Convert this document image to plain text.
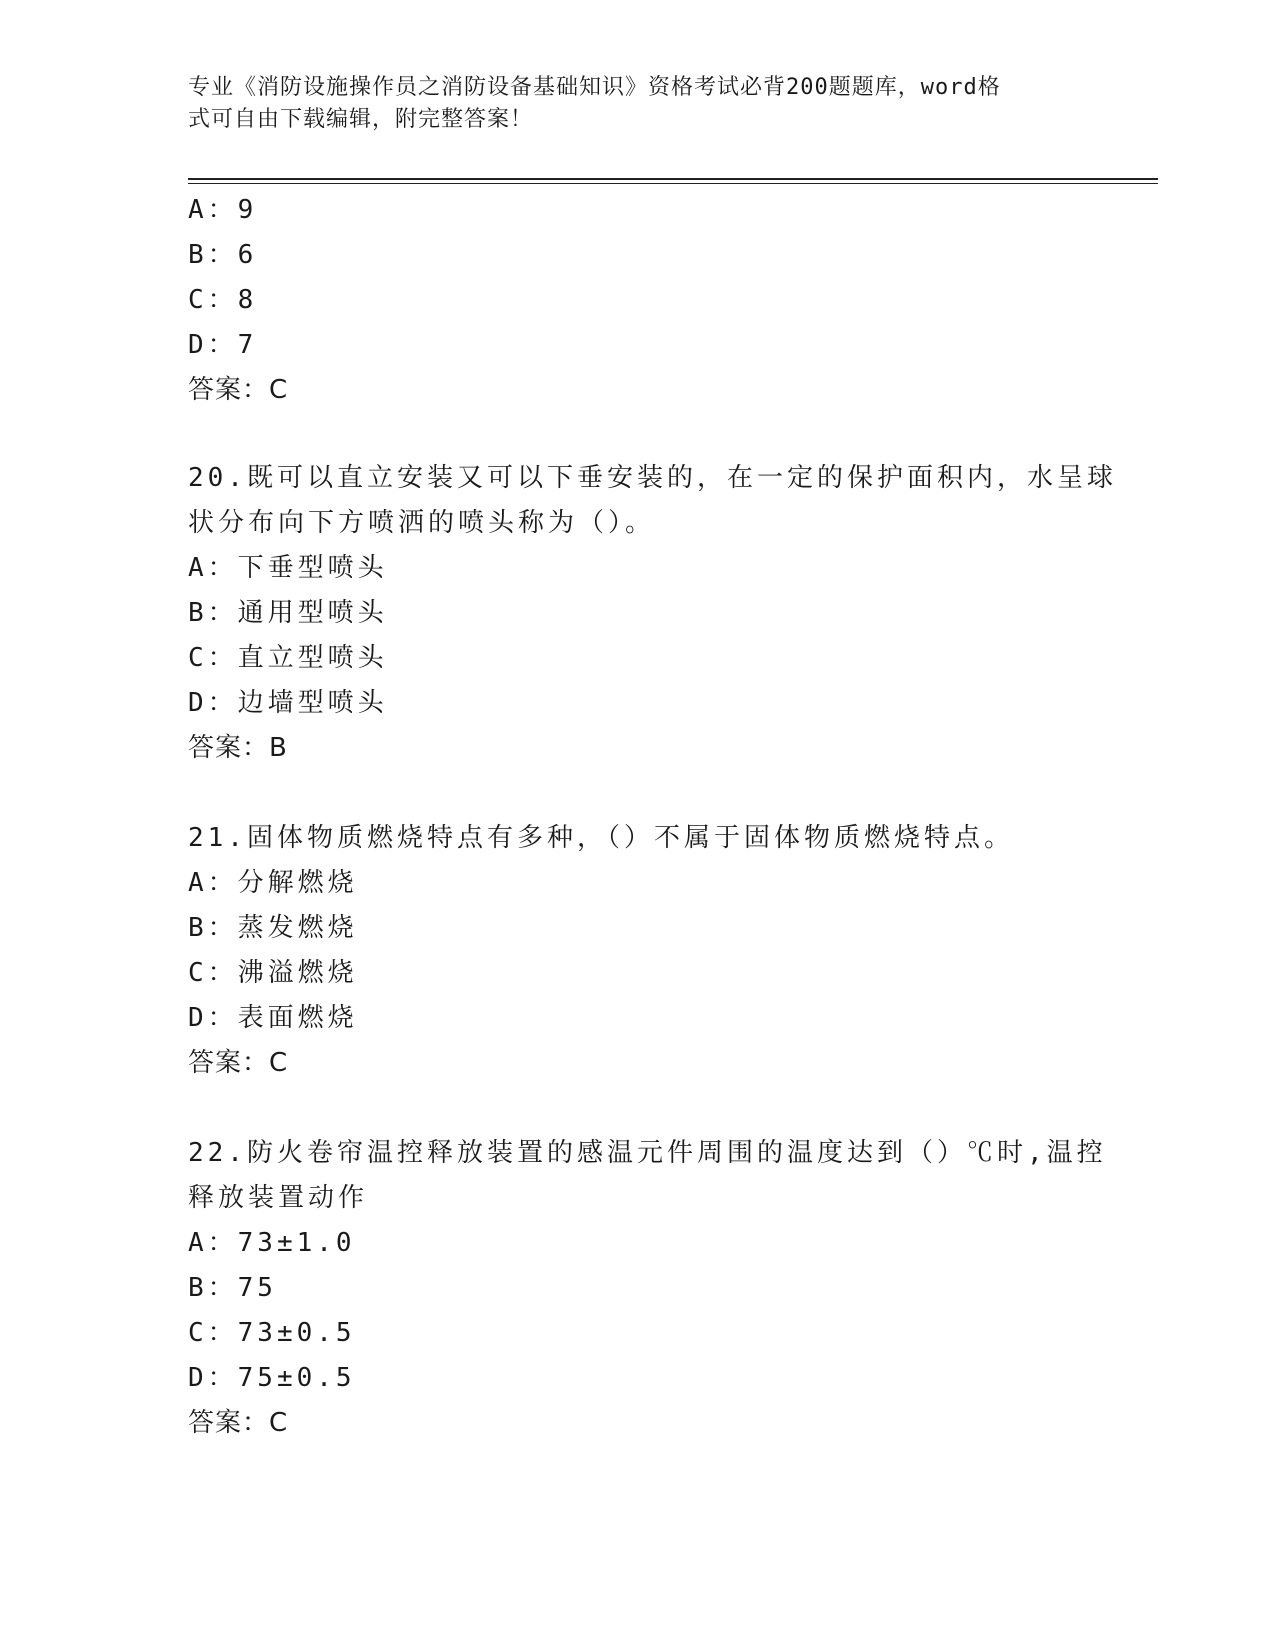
专业《消防设施操作员之消防设备基础知识》资格考试必背200题题库，word格
式可自由下载编辑，附完整答案！
A：9
B：6
C：8
D：7
答案：C
20.既可以直立安装又可以下垂安装的，在一定的保护面积内，水呈球
状分布向下方喷洒的喷头称为（）。
A：下垂型喷头
B：通用型喷头
C：直立型喷头
D：边墙型喷头
答案：B
21.固体物质燃烧特点有多种，（）不属于固体物质燃烧特点。
A：分解燃烧
B：蒸发燃烧
C：沸溢燃烧
D：表面燃烧
答案：C
22.防火卷帘温控释放装置的感温元件周围的温度达到（）℃时,温控
释放装置动作
A：73±1.0
B：75
C：73±0.5
D：75±0.5
答案：C
